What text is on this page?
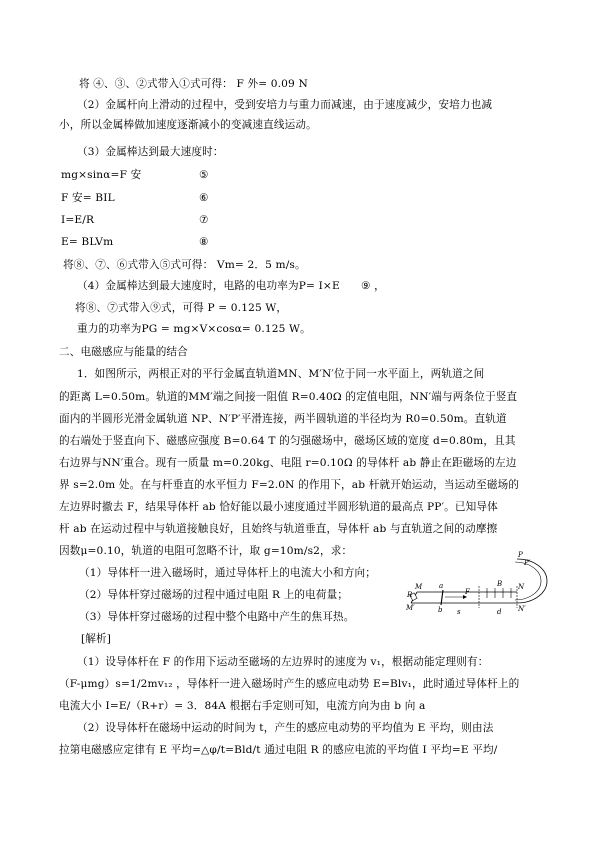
将 ④、③、②式带入①式可得： F 外= 0.09 N
（2）金属杆向上滑动的过程中，受到安培力与重力而减速，由于速度减少，安培力也减
小，所以金属棒做加速度逐渐减小的变减速直线运动。
（3）金属棒达到最大速度时：
mg×sinα=F 安	⑤
F 安= BIL	⑥
I=E/R	⑦
E= BLVm	⑧
将⑧、⑦、⑥式带入⑤式可得： Vm= 2．5 m/s。
（4）金属棒达到最大速度时，电路的电功率为P= I×E ⑨ ，
将⑧、⑦式带入⑨式，可得 P = 0.125 W，
重力的功率为PG = mg×V×cosα= 0.125 W。
二、电磁感应与能量的结合
1．如图所示，两根正对的平行金属直轨道MN、M′N′位于同一水平面上，两轨道之间
的距离 L=0.50m。轨道的MM′端之间接一阻值 R=0.40Ω 的定值电阻，NN′端与两条位于竖直
面内的半圆形光滑金属轨道 NP、N′P′平滑连接，两半圆轨道的半径均为 R0=0.50m。直轨道
的右端处于竖直向下、磁感应强度 B=0.64 T 的匀强磁场中，磁场区域的宽度 d=0.80m，且其
右边界与NN′重合。现有一质量 m=0.20kg、电阻 r=0.10Ω 的导体杆 ab 静止在距磁场的左边
界 s=2.0m 处。在与杆垂直的水平恒力 F=2.0N 的作用下，ab 杆就开始运动，当运动至磁场的
左边界时撤去 F，结果导体杆 ab 恰好能以最小速度通过半圆形轨道的最高点 PP′。已知导体
杆 ab 在运动过程中与轨道接触良好，且始终与轨道垂直，导体杆 ab 与直轨道之间的动摩擦
因数μ=0.10，轨道的电阻可忽略不计，取 g=10m/s2，求：
（1）导体杆一进入磁场时，通过导体杆上的电流大小和方向；
（2）导体杆穿过磁场的过程中通过电阻 R 上的电荷量；
（3）导体杆穿过磁场的过程中整个电路中产生的焦耳热。
[解析]
（1）设导体杆在 F 的作用下运动至磁场的左边界时的速度为 v₁，根据动能定理则有：
（F-μmg）s=1/2mv₁₂ ，导体杆一进入磁场时产生的感应电动势 E=Blv₁，此时通过导体杆上的
电流大小 I=E/（R+r）= 3．84A 根据右手定则可知，电流方向为由 b 向 a
（2）设导体杆在磁场中运动的时间为 t，产生的感应电动势的平均值为 E 平均，则由法
拉第电磁感应定律有 E 平均=△φ/t=Bld/t 通过电阻 R 的感应电流的平均值 I 平均=E 平均/
a
b
F
R
M
M′
N
N′
P
P′
B
d
s
